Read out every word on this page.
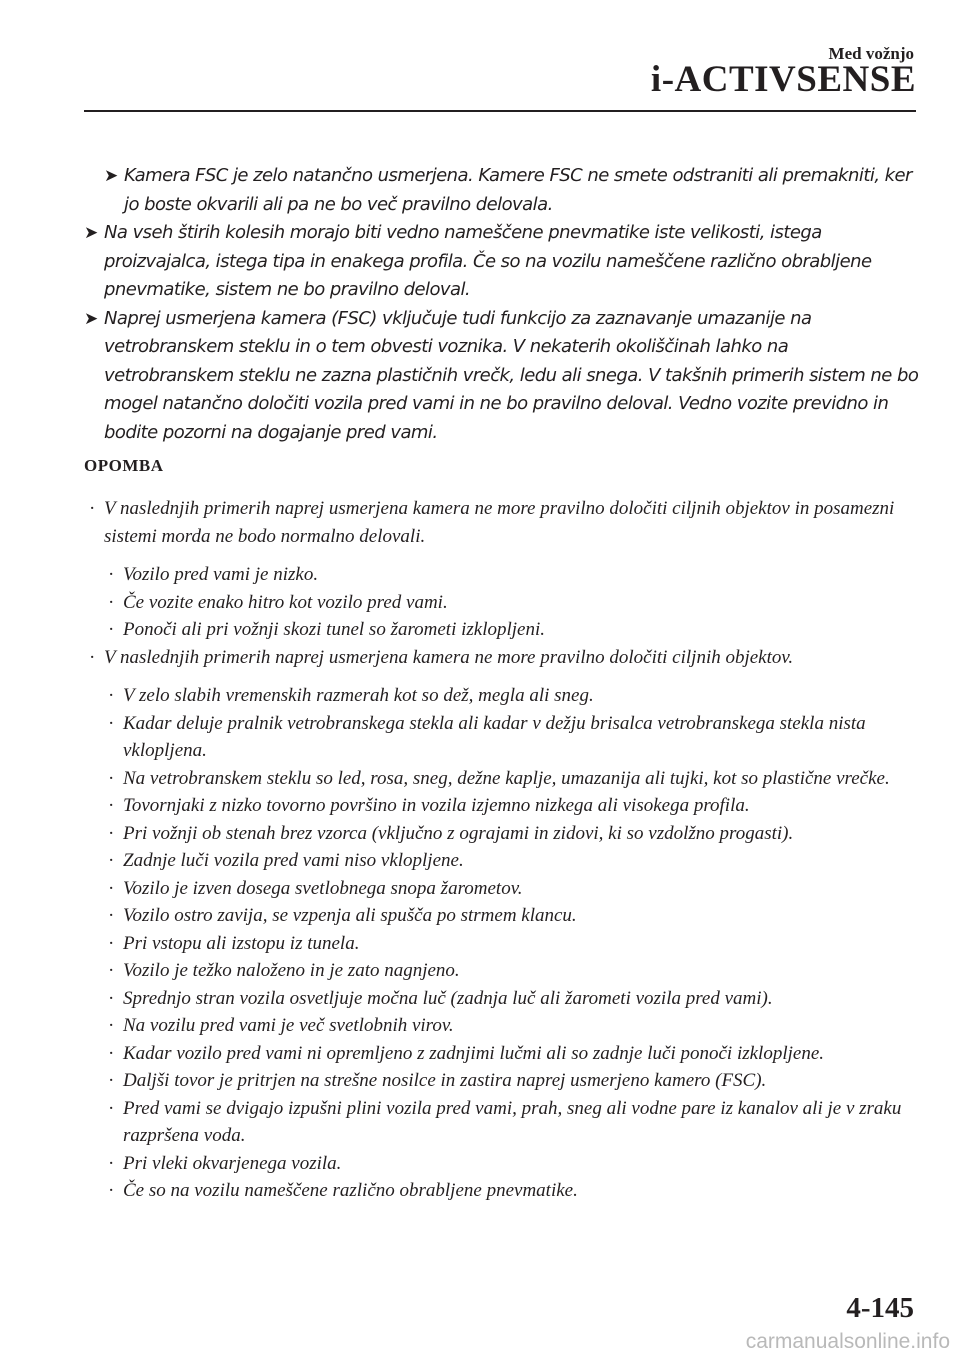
Med vožnjo
i-ACTIVSENSE
➤ Kamera FSC je zelo natančno usmerjena. Kamere FSC ne smete odstraniti ali premakniti, ker jo boste okvarili ali pa ne bo več pravilno delovala.
➤ Na vseh štirih kolesih morajo biti vedno nameščene pnevmatike iste velikosti, istega proizvajalca, istega tipa in enakega profila. Če so na vozilu nameščene različno obrabljene pnevmatike, sistem ne bo pravilno deloval.
➤ Naprej usmerjena kamera (FSC) vključuje tudi funkcijo za zaznavanje umazanije na vetrobranskem steklu in o tem obvesti voznika. V nekaterih okoliščinah lahko na vetrobranskem steklu ne zazna plastičnih vrečk, ledu ali snega. V takšnih primerih sistem ne bo mogel natančno določiti vozila pred vami in ne bo pravilno deloval. Vedno vozite previdno in bodite pozorni na dogajanje pred vami.
OPOMBA
· V naslednjih primerih naprej usmerjena kamera ne more pravilno določiti ciljnih objektov in posamezni sistemi morda ne bodo normalno delovali.
· Vozilo pred vami je nizko.
· Če vozite enako hitro kot vozilo pred vami.
· Ponoči ali pri vožnji skozi tunel so žarometi izklopljeni.
· V naslednjih primerih naprej usmerjena kamera ne more pravilno določiti ciljnih objektov.
· V zelo slabih vremenskih razmerah kot so dež, megla ali sneg.
· Kadar deluje pralnik vetrobranskega stekla ali kadar v dežju brisalca vetrobranskega stekla nista vklopljena.
· Na vetrobranskem steklu so led, rosa, sneg, dežne kaplje, umazanija ali tujki, kot so plastične vrečke.
· Tovornjaki z nizko tovorno površino in vozila izjemno nizkega ali visokega profila.
· Pri vožnji ob stenah brez vzorca (vključno z ograjami in zidovi, ki so vzdolžno progasti).
· Zadnje luči vozila pred vami niso vklopljene.
· Vozilo je izven dosega svetlobnega snopa žarometov.
· Vozilo ostro zavija, se vzpenja ali spušča po strmem klancu.
· Pri vstopu ali izstopu iz tunela.
· Vozilo je težko naloženo in je zato nagnjeno.
· Sprednjo stran vozila osvetljuje močna luč (zadnja luč ali žarometi vozila pred vami).
· Na vozilu pred vami je več svetlobnih virov.
· Kadar vozilo pred vami ni opremljeno z zadnjimi lučmi ali so zadnje luči ponoči izklopljene.
· Daljši tovor je pritrjen na strešne nosilce in zastira naprej usmerjeno kamero (FSC).
· Pred vami se dvigajo izpušni plini vozila pred vami, prah, sneg ali vodne pare iz kanalov ali je v zraku razpršena voda.
· Pri vleki okvarjenega vozila.
· Če so na vozilu nameščene različno obrabljene pnevmatike.
4-145
carmanualsonline.info
